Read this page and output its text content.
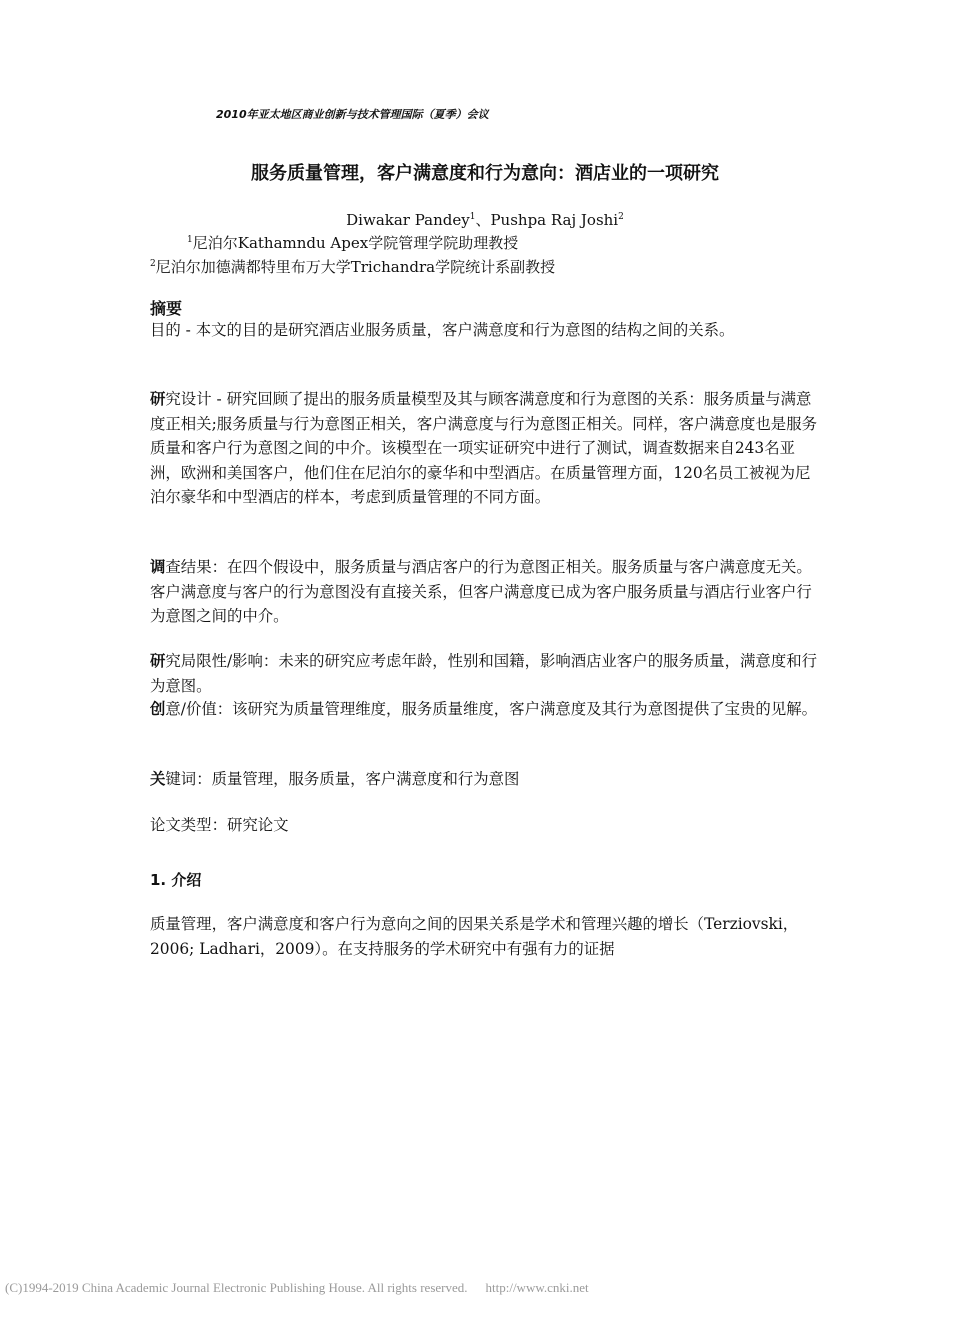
2010年亚太地区商业创新与技术管理国际（夏季）会议
服务质量管理，客户满意度和行为意向：酒店业的一项研究
Diwakar Pandey$^1$、Pushpa Raj Joshi$^2$
$^1$尼泊尔Kathamndu Apex学院管理学院助理教授
$^2$尼泊尔加德满都特里布万大学Trichandra学院统计系副教授
摘要

目的 - 本文的目的是研究酒店业服务质量，客户满意度和行为意图的结构之间的关系。

研究设计 - 研究回顾了提出的服务质量模型及其与顾客满意度和行为意图的关系：服务质量与满意度正相关;服务质量与行为意图正相关，客户满意度与行为意图正相关。同样，客户满意度也是服务质量和客户行为意图之间的中介。该模型在一项实证研究中进行了测试，调查数据来自243名亚洲，欧洲和美国客户，他们住在尼泊尔的豪华和中型酒店。在质量管理方面，120名员工被视为尼泊尔豪华和中型酒店的样本，考虑到质量管理的不同方面。

调查结果：在四个假设中，服务质量与酒店客户的行为意图正相关。服务质量与客户满意度无关。客户满意度与客户的行为意图没有直接关系，但客户满意度已成为客户服务质量与酒店行业客户行为意图之间的中介。

研究局限性/影响：未来的研究应考虑年龄，性别和国籍，影响酒店业客户的服务质量，满意度和行为意图。

创意/价值：该研究为质量管理维度，服务质量维度，客户满意度及其行为意图提供了宝贵的见解。

关键词：质量管理，服务质量，客户满意度和行为意图

论文类型：研究论文

1. 介绍

质量管理，客户满意度和客户行为意向之间的因果关系是学术和管理兴趣的增长（Terziovski，2006; Ladhari，2009）。在支持服务的学术研究中有强有力的证据

(C)1994-2019 China Academic Journal Electronic Publishing House. All rights reserved. http://www.cnki.net
